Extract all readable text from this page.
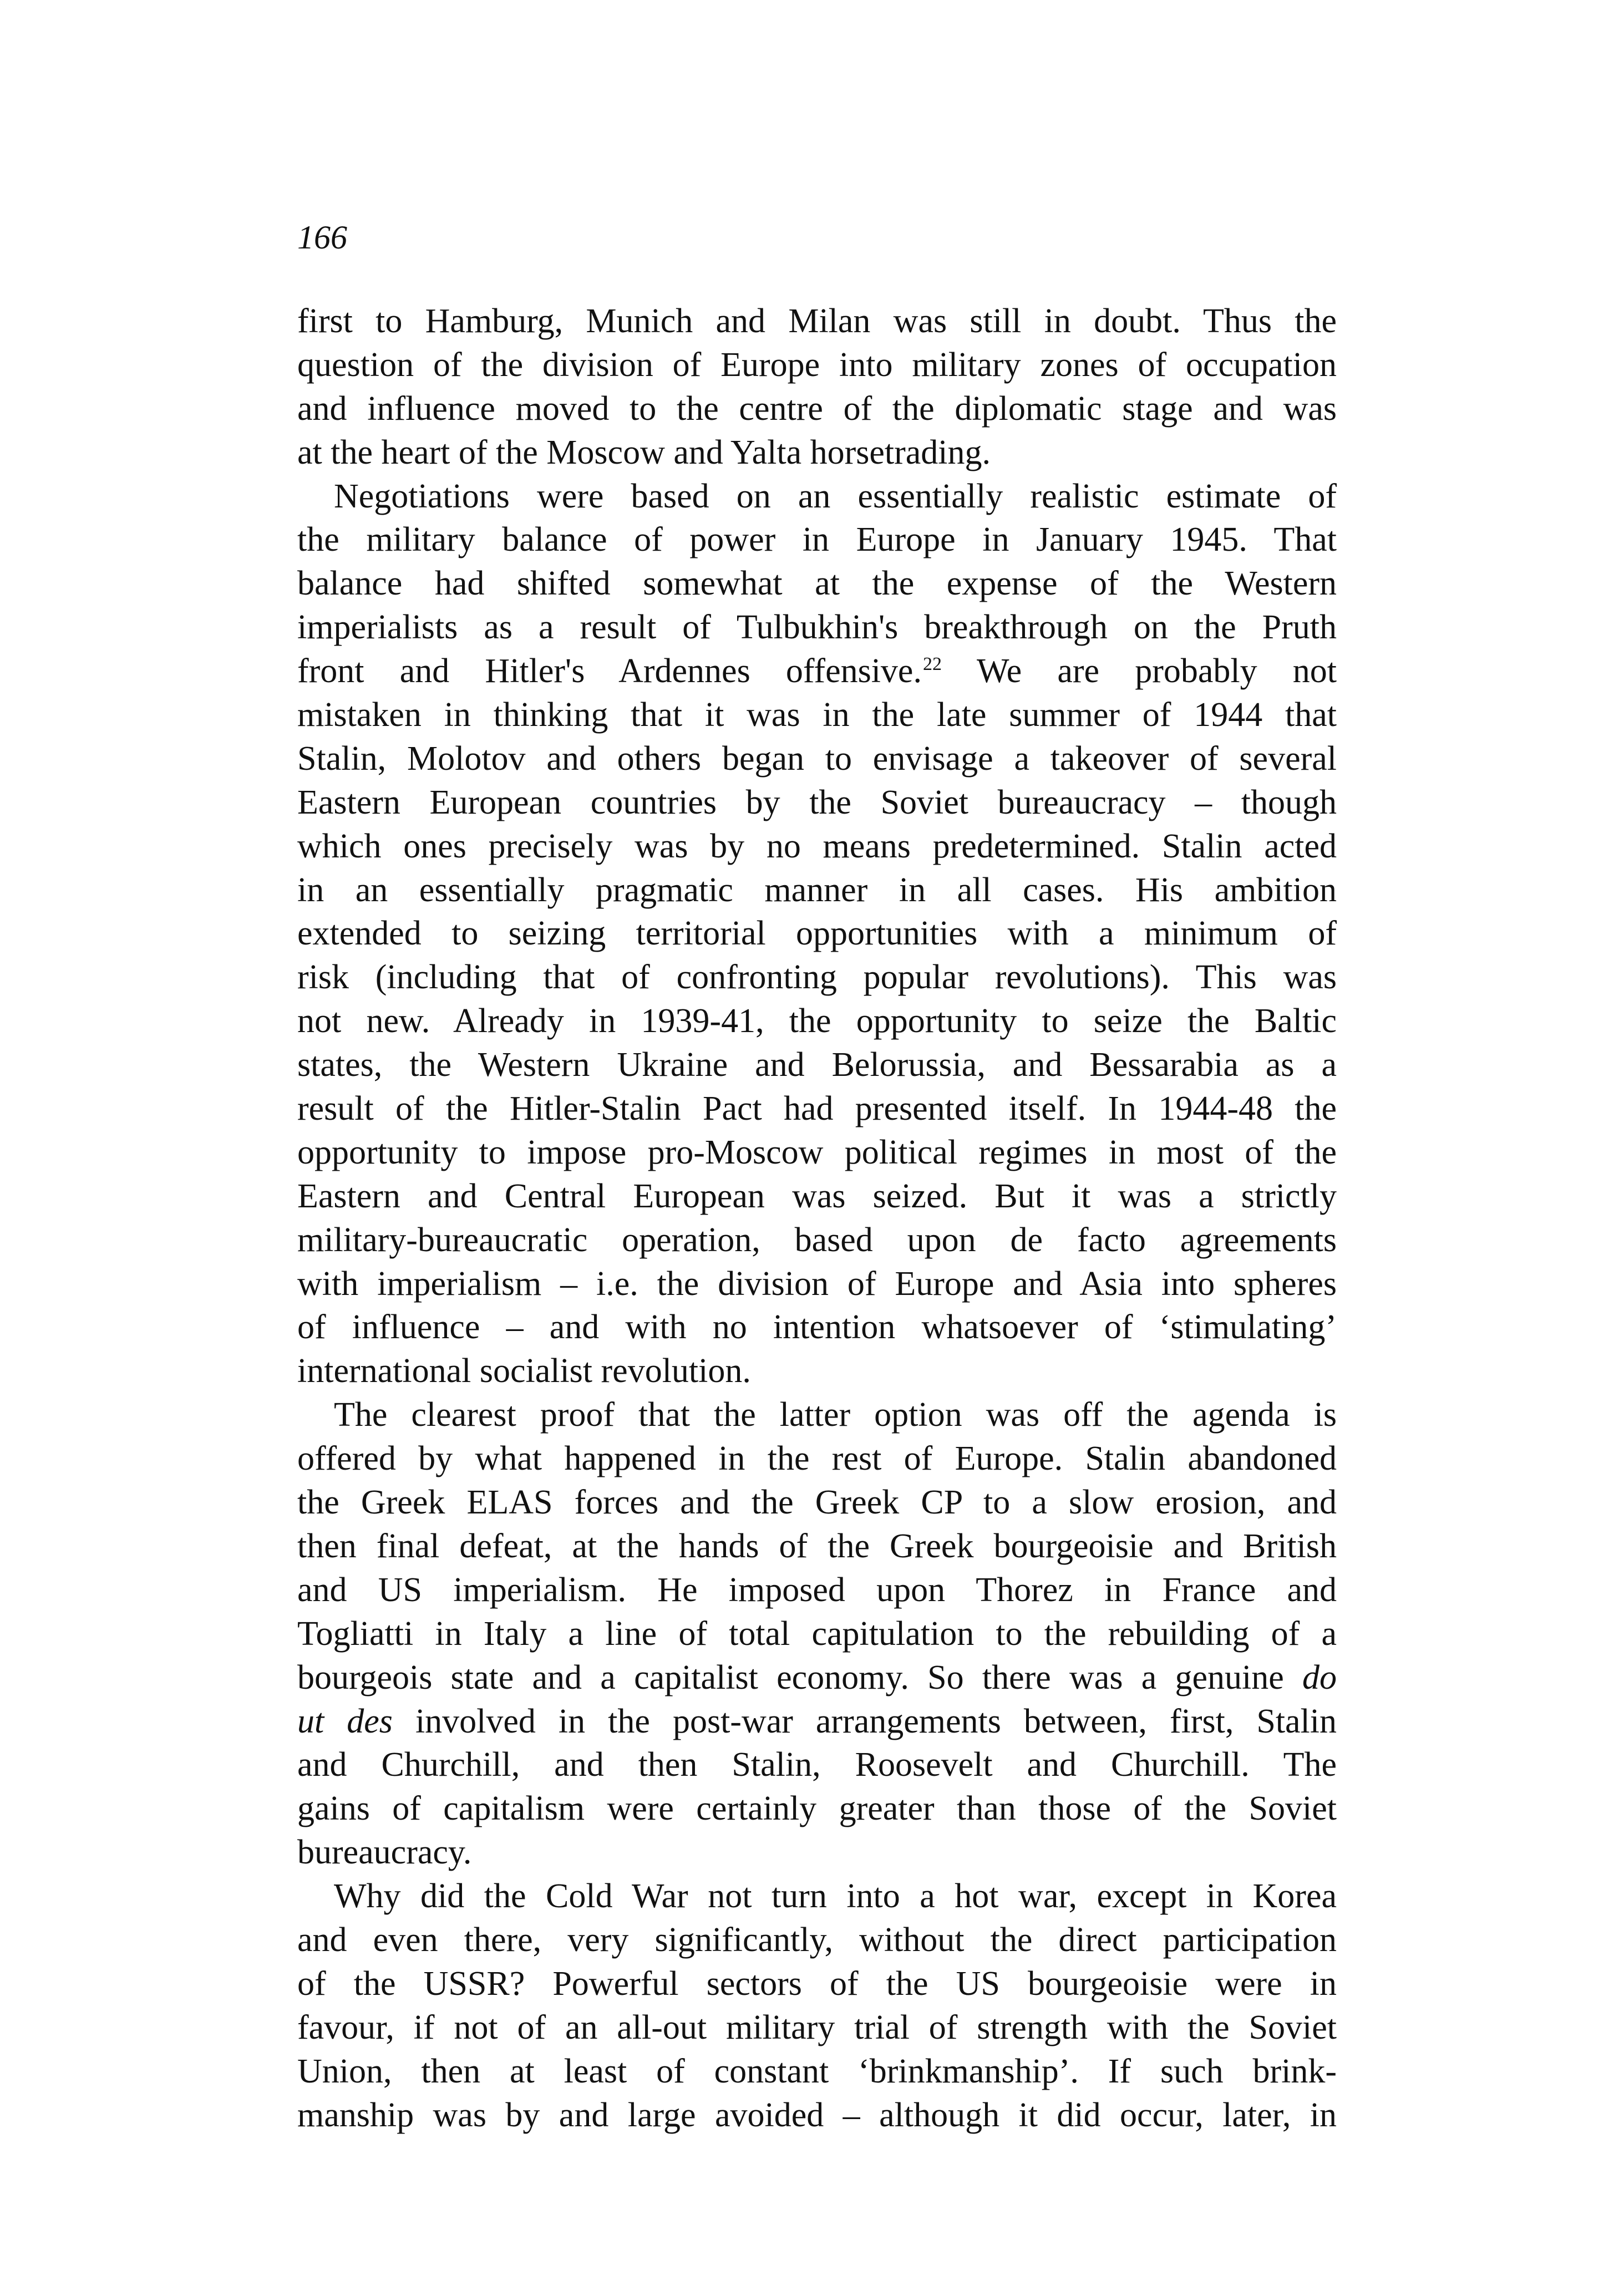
166
first to Hamburg, Munich and Milan was still in doubt. Thus the
question of the division of Europe into military zones of occupation
and influence moved to the centre of the diplomatic stage and was
at the heart of the Moscow and Yalta horsetrading.
Negotiations were based on an essentially realistic estimate of
the military balance of power in Europe in January 1945. That
balance had shifted somewhat at the expense of the Western
imperialists as a result of Tulbukhin's breakthrough on the Pruth
front and Hitler's Ardennes offensive.$^{22}$ We are probably not
mistaken in thinking that it was in the late summer of 1944 that
Stalin, Molotov and others began to envisage a takeover of several
Eastern European countries by the Soviet bureaucracy – though
which ones precisely was by no means predetermined. Stalin acted
in an essentially pragmatic manner in all cases. His ambition
extended to seizing territorial opportunities with a minimum of
risk (including that of confronting popular revolutions). This was
not new. Already in 1939-41, the opportunity to seize the Baltic
states, the Western Ukraine and Belorussia, and Bessarabia as a
result of the Hitler-Stalin Pact had presented itself. In 1944-48 the
opportunity to impose pro-Moscow political regimes in most of the
Eastern and Central European was seized. But it was a strictly
military-bureaucratic operation, based upon de facto agreements
with imperialism – i.e. the division of Europe and Asia into spheres
of influence – and with no intention whatsoever of ‘stimulating’
international socialist revolution.
The clearest proof that the latter option was off the agenda is
offered by what happened in the rest of Europe. Stalin abandoned
the Greek ELAS forces and the Greek CP to a slow erosion, and
then final defeat, at the hands of the Greek bourgeoisie and British
and US imperialism. He imposed upon Thorez in France and
Togliatti in Italy a line of total capitulation to the rebuilding of a
bourgeois state and a capitalist economy. So there was a genuine do
ut des involved in the post-war arrangements between, first, Stalin
and Churchill, and then Stalin, Roosevelt and Churchill. The
gains of capitalism were certainly greater than those of the Soviet
bureaucracy.
Why did the Cold War not turn into a hot war, except in Korea
and even there, very significantly, without the direct participation
of the USSR? Powerful sectors of the US bourgeoisie were in
favour, if not of an all-out military trial of strength with the Soviet
Union, then at least of constant ‘brinkmanship’. If such brink-
manship was by and large avoided – although it did occur, later, in
